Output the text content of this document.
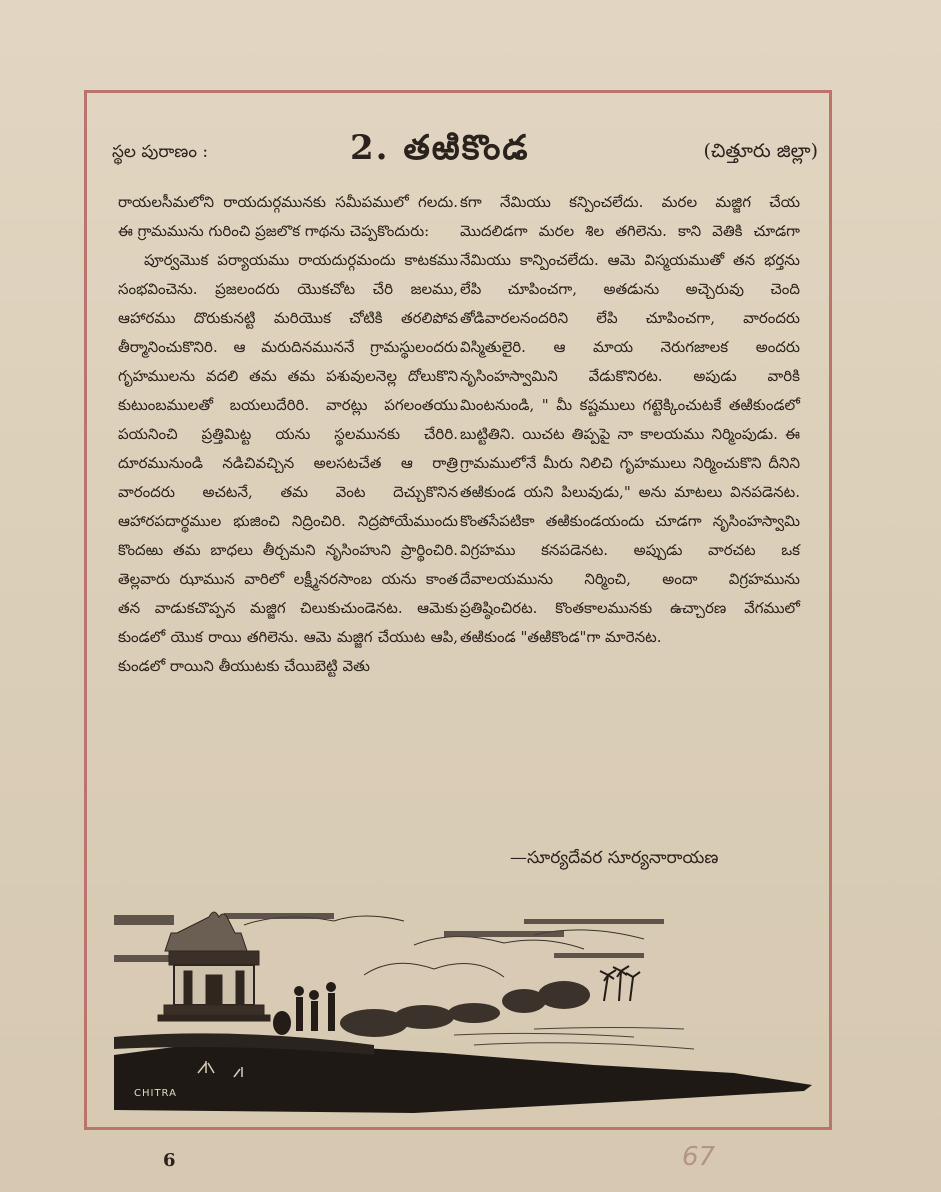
స్థల పురాణం :	2. తఱికొండ	(చిత్తూరు జిల్లా)

రాయలసీమలోని రాయదుర్గమునకు సమీపములో గలదు. ఈ గ్రామమును గురించి ప్రజలొక గాథను చెప్పకొందురు:

పూర్వమొక పర్యాయము రాయదుర్గమందు కాటకము సంభవించెను. ప్రజలందరు యొకచోట చేరి జలము, ఆహారము దొరుకునట్టి మరియొక చోటికి తరలిపోవ తీర్మానించుకొనిరి. ఆ మరుదినముననే గ్రామస్థులందరు గృహములను వదలి తమ తమ పశువులనెల్ల దోలుకొని కుటుంబములతో బయలుదేరిరి. వారట్లు పగలంతయు పయనించి ప్రత్తిమిట్ట యను స్థలమునకు చేరిరి. దూరమునుండి నడిచివచ్చిన అలసటచేత ఆ రాత్రి వారందరు అచటనే, తమ వెంట దెచ్చుకొనిన ఆహారపదార్థముల భుజించి నిద్రించిరి. నిద్రపోయేముందు కొందఱు తమ బాధలు తీర్చమని నృసింహుని ప్రార్థించిరి. తెల్లవారు ఝామున వారిలో లక్ష్మీనరసాంబ యను కాంత తన వాడుకచొప్పన మజ్జిగ చిలుకుచుండెనట. ఆమెకు కుండలో యొక రాయి తగిలెను. ఆమె మజ్జిగ చేయుట ఆపి, కుండలో రాయిని తీయుటకు చేయిబెట్టి వెతు

కగా నేమియు కన్పించలేదు. మరల మజ్జిగ చేయ మొదలిడగా మరల శిల తగిలెను. కాని వెతికి చూడగా నేమియు కాన్పించలేదు. ఆమె విస్మయముతో తన భర్తను లేపి చూపించగా, అతడును అచ్చెరువు చెంది తోడివారలనందరిని లేపి చూపించగా, వారందరు విస్మితులైరి. ఆ మాయ నెరుగజాలక అందరు నృసింహస్వామిని వేడుకొనిరట. అపుడు వారికి మింటనుండి, " మీ కష్టములు గట్టెక్కించుటకే తఱికుండలో బుట్టితిని. యిచట తిప్పపై నా కాలయము నిర్మింపుడు. ఈ గ్రామములోనే మీరు నిలిచి గృహములు నిర్మించుకొని దీనిని తఱికుండ యని పిలువుడు," అను మాటలు వినపడెనట. కొంతసేపటికా తఱికుండయందు చూడగా నృసింహస్వామి విగ్రహము కనపడెనట. అప్పుడు వారచట ఒక దేవాలయమును నిర్మించి, అందా విగ్రహమును ప్రతిష్ఠించిరట. కొంతకాలమునకు ఉచ్చారణ వేగములో తఱికుండ "తఱికొండ"గా మారెనట.

—సూర్యదేవర సూర్యనారాయణ
CHITRA
6	67
